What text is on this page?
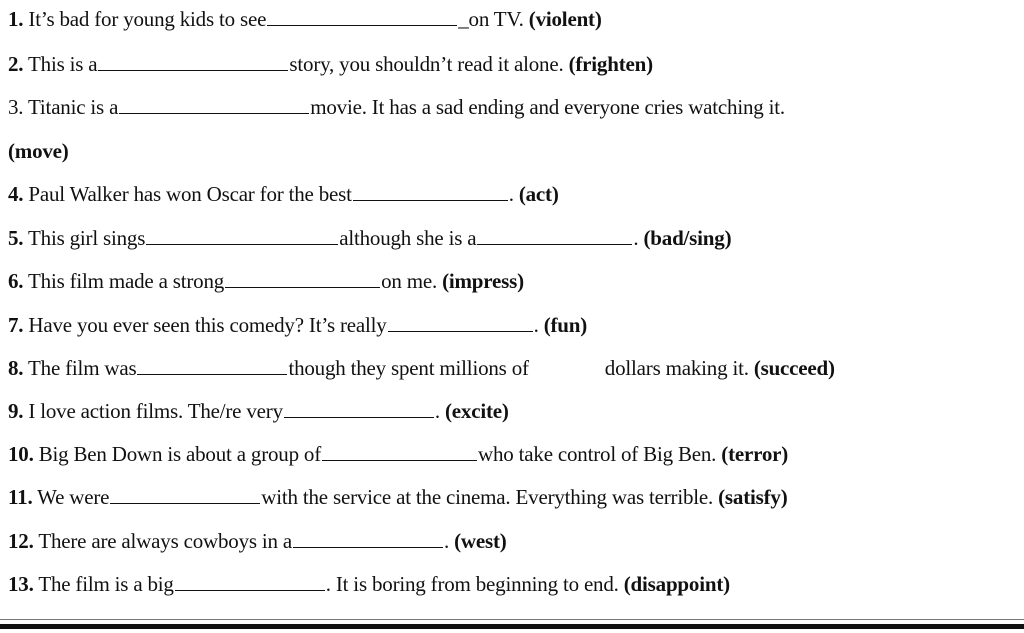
1. It’s bad for young kids to see	_on TV. (violent)
2. This is a	story, you shouldn’t read it alone. (frighten)
3. Titanic is a	movie. It has a sad ending and everyone cries watching it.
(move)
4. Paul Walker has won Oscar for the best	. (act)
5. This girl sings	although she is a	. (bad/sing)
6. This film made a strong	on me. (impress)
7. Have you ever seen this comedy? It’s really	. (fun)
8. The film was	though they spent millions of	dollars making it. (succeed)
9. I love action films. The/re very	. (excite)
10. Big Ben Down is about a group of	who take control of Big Ben. (terror)
11. We were	with the service at the cinema. Everything was terrible. (satisfy)
12. There are always cowboys in a	. (west)
13. The film is a big	. It is boring from beginning to end. (disappoint)
